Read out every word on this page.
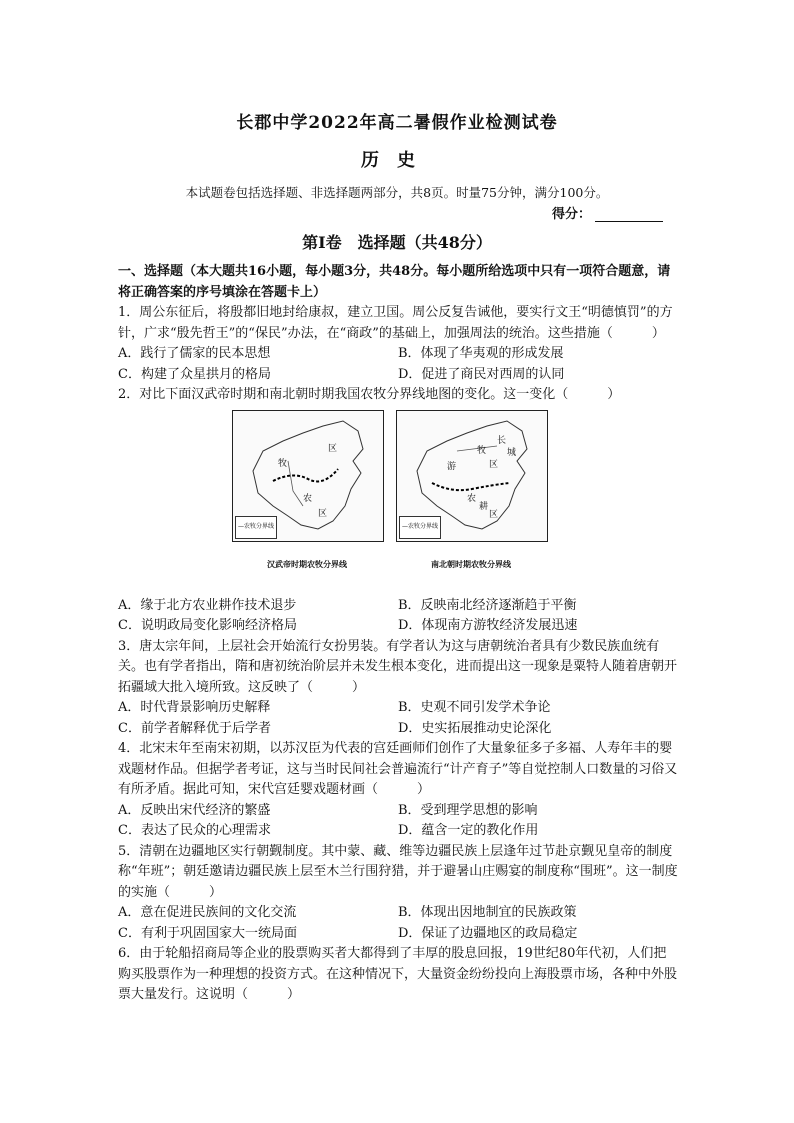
长郡中学2022年高二暑假作业检测试卷
历史
本试题卷包括选择题、非选择题两部分，共8页。时量75分钟，满分100分。
得分：
第Ⅰ卷　选择题（共48分）
一、选择题（本大题共16小题，每小题3分，共48分。每小题所给选项中只有一项符合题意，请将正确答案的序号填涂在答题卡上）

1．周公东征后，将殷都旧地封给康叔，建立卫国。周公反复告诫他，要实行文王“明德慎罚”的方针，广求“殷先哲王”的“保民”办法，在“商政”的基础上，加强周法的统治。这些措施（　　　）

A．践行了儒家的民本思想	B．体现了华夷观的形成发展
C．构建了众星拱月的格局	D．促进了商民对西周的认同

2．对比下面汉武帝时期和南北朝时期我国农牧分界线地图的变化。这一变化（　　　）

牧
区
农
区
—农牧分界线
长
城
牧
游	区
农
耕
区
—农牧分界线
汉武帝时期农牧分界线	南北朝时期农牧分界线
A．缘于北方农业耕作技术退步	B．反映南北经济逐渐趋于平衡
C．说明政局变化影响经济格局	D．体现南方游牧经济发展迅速

3．唐太宗年间，上层社会开始流行女扮男装。有学者认为这与唐朝统治者具有少数民族血统有关。也有学者指出，隋和唐初统治阶层并未发生根本变化，进而提出这一现象是粟特人随着唐朝开拓疆域大批入境所致。这反映了（　　　）

A．时代背景影响历史解释	B．史观不同引发学术争论
C．前学者解释优于后学者	D．史实拓展推动史论深化

4．北宋末年至南宋初期，以苏汉臣为代表的宫廷画师们创作了大量象征多子多福、人寿年丰的婴戏题材作品。但据学者考证，这与当时民间社会普遍流行“计产育子”等自觉控制人口数量的习俗又有所矛盾。据此可知，宋代宫廷婴戏题材画（　　　）

A．反映出宋代经济的繁盛	B．受到理学思想的影响
C．表达了民众的心理需求	D．蕴含一定的教化作用

5．清朝在边疆地区实行朝觐制度。其中蒙、藏、维等边疆民族上层逢年过节赴京觐见皇帝的制度称“年班”；朝廷邀请边疆民族上层至木兰行围狩猎，并于避暑山庄赐宴的制度称“围班”。这一制度的实施（　　　）

A．意在促进民族间的文化交流	B．体现出因地制宜的民族政策
C．有利于巩固国家大一统局面	D．保证了边疆地区的政局稳定

6．由于轮船招商局等企业的股票购买者大都得到了丰厚的股息回报，19世纪80年代初，人们把购买股票作为一种理想的投资方式。在这种情况下，大量资金纷纷投向上海股票市场，各种中外股票大量发行。这说明（　　　）
